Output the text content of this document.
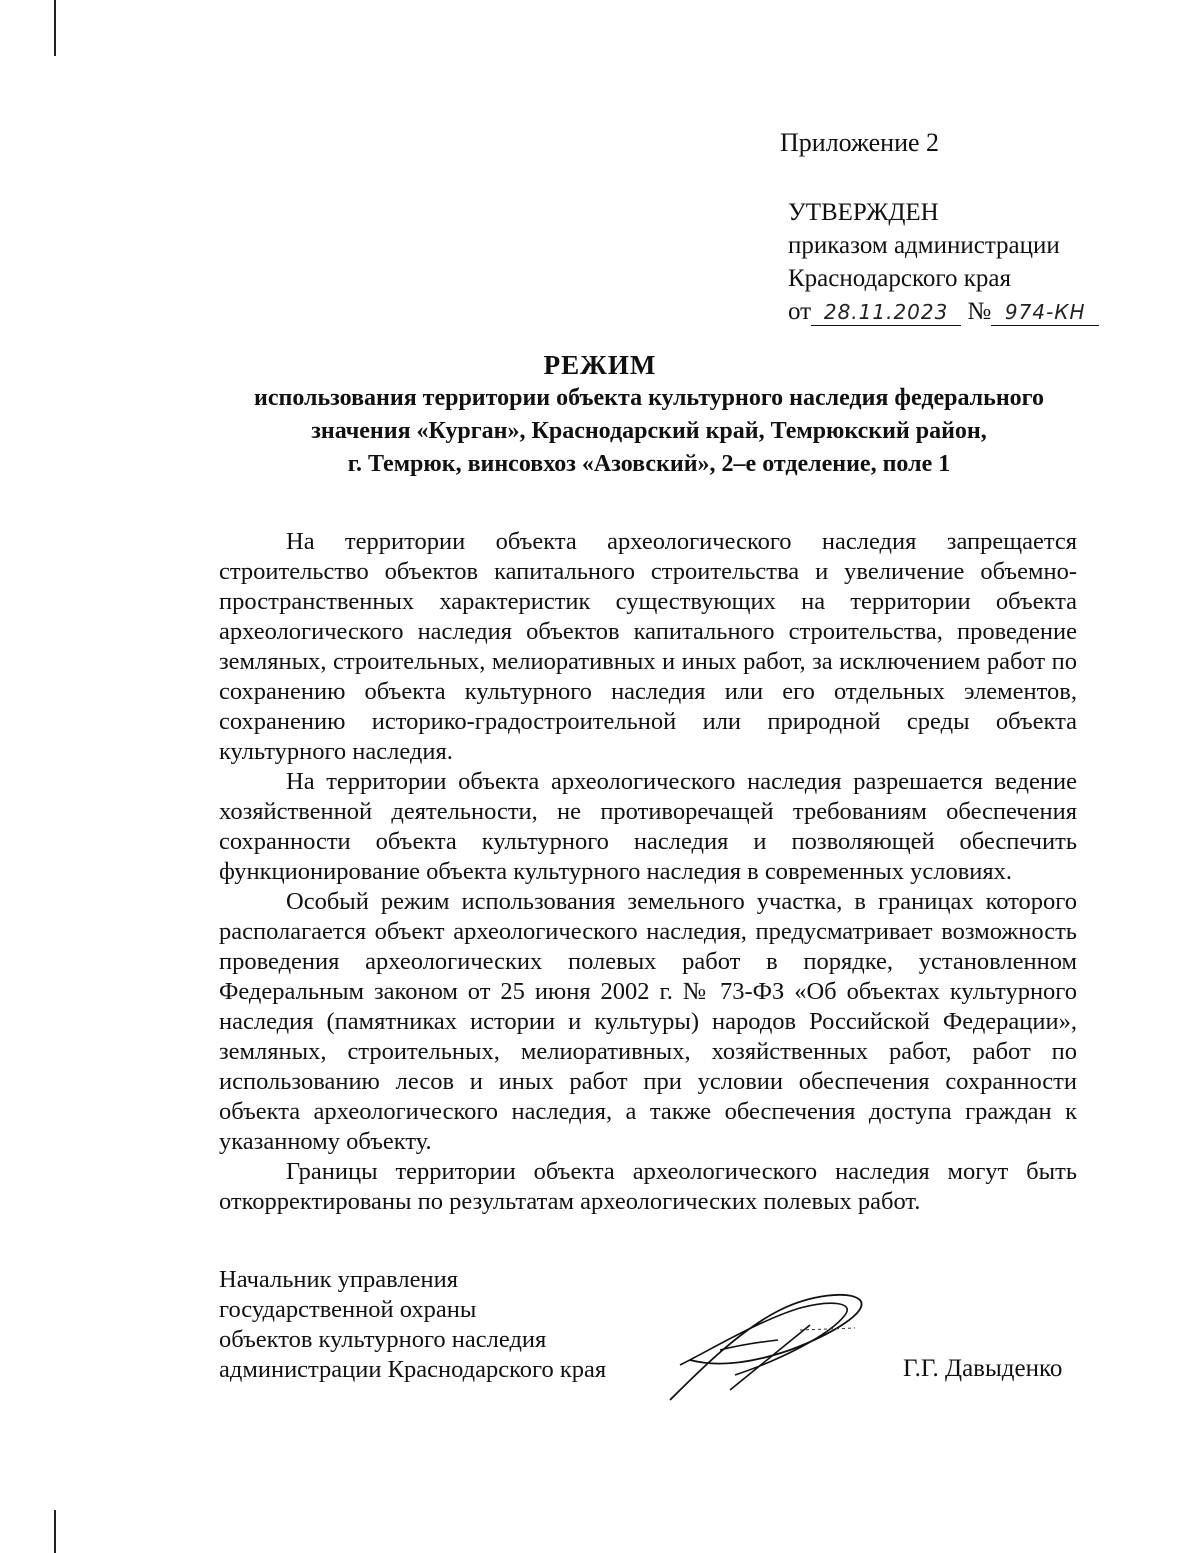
Приложение 2
УТВЕРЖДЕН
приказом администрации
Краснодарского края
от 28.11.2023 № 974-КН
РЕЖИМ
использования территории объекта культурного наследия федерального
значения «Курган», Краснодарский край, Темрюкский район,
г. Темрюк, винсовхоз «Азовский», 2–е отделение, поле 1

На территории объекта археологического наследия запрещается строительство объектов капитального строительства и увеличение объемно-пространственных характеристик существующих на территории объекта археологического наследия объектов капитального строительства, проведение земляных, строительных, мелиоративных и иных работ, за исключением работ по сохранению объекта культурного наследия или его отдельных элементов, сохранению историко-градостроительной или природной среды объекта культурного наследия.

На территории объекта археологического наследия разрешается ведение хозяйственной деятельности, не противоречащей требованиям обеспечения сохранности объекта культурного наследия и позволяющей обеспечить функционирование объекта культурного наследия в современных условиях.

Особый режим использования земельного участка, в границах которого располагается объект археологического наследия, предусматривает возможность проведения археологических полевых работ в порядке, установленном Федеральным законом от 25 июня 2002 г. № 73-ФЗ «Об объектах культурного наследия (памятниках истории и культуры) народов Российской Федерации», земляных, строительных, мелиоративных, хозяйственных работ, работ по использованию лесов и иных работ при условии обеспечения сохранности объекта археологического наследия, а также обеспечения доступа граждан к указанному объекту.

Границы территории объекта археологического наследия могут быть откорректированы по результатам археологических полевых работ.

Начальник управления
государственной охраны
объектов культурного наследия
администрации Краснодарского края	Г.Г. Давыденко
